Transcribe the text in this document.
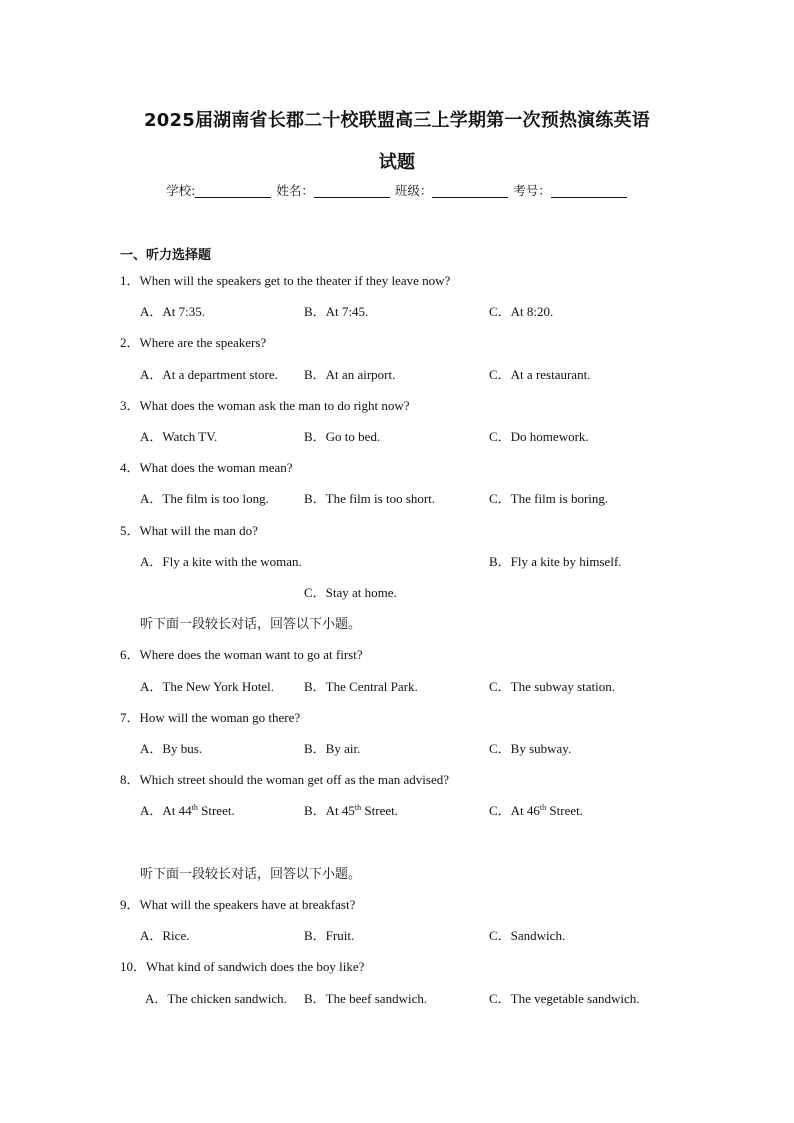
2025届湖南省长郡二十校联盟高三上学期第一次预热演练英语
试题
学校:	姓名：	班级：	考号：
一、听力选择题
1．When will the speakers get to the theater if they leave now?
A．At 7:35.	B．At 7:45.	C．At 8:20.
2．Where are the speakers?
A．At a department store. B．At an airport.	C．At a restaurant.
3．What does the woman ask the man to do right now?
A．Watch TV.	B．Go to bed.	C．Do homework.
4．What does the woman mean?
A．The film is too long.	B．The film is too short.	C．The film is boring.
5．What will the man do?
A．Fly a kite with the woman.	B．Fly a kite by himself.
C．Stay at home.
听下面一段较长对话，回答以下小题。
6．Where does the woman want to go at first?
A．The New York Hotel. B．The Central Park.	C．The subway station.
7．How will the woman go there?
A．By bus.	B．By air.	C．By subway.
8．Which street should the woman get off as the man advised?
A．At 44th Street.	B．At 45th Street.	C．At 46th Street.
听下面一段较长对话，回答以下小题。
9．What will the speakers have at breakfast?
A．Rice.	B．Fruit.	C．Sandwich.
10．What kind of sandwich does the boy like?
A．The chicken sandwich. B．The beef sandwich.	C．The vegetable sandwich.
